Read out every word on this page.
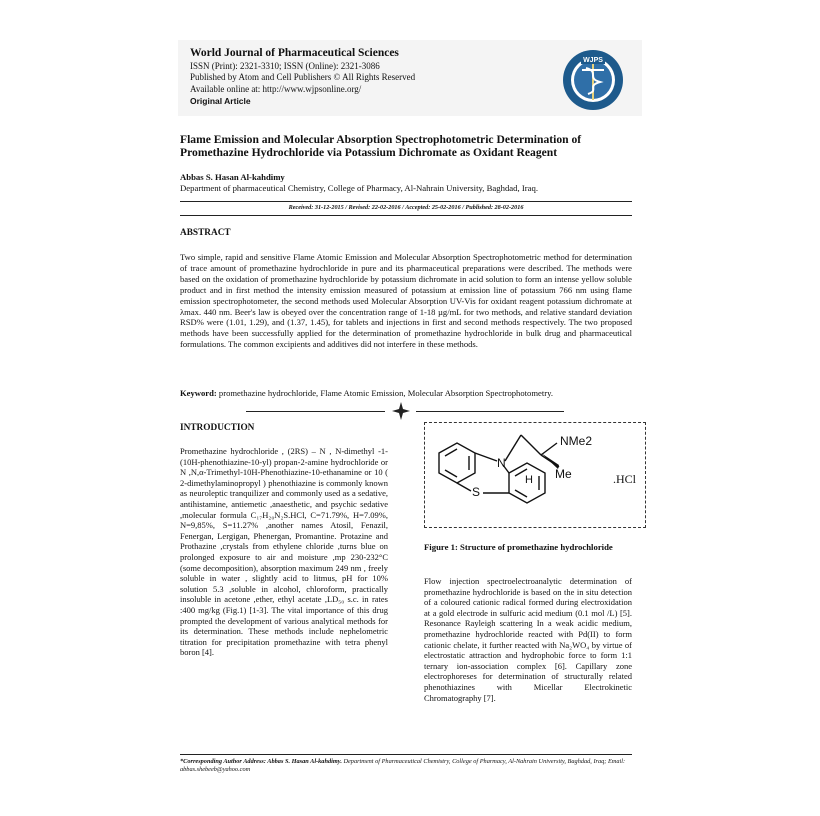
World Journal of Pharmaceutical Sciences
ISSN (Print): 2321-3310; ISSN (Online): 2321-3086
Published by Atom and Cell Publishers © All Rights Reserved
Available online at: http://www.wjpsonline.org/
Original Article
WJPS
Flame Emission and Molecular Absorption Spectrophotometric Determination of
Promethazine Hydrochloride via Potassium Dichromate as Oxidant Reagent
Abbas S. Hasan Al-kahdimy
Department of pharmaceutical Chemistry, College of Pharmacy, Al-Nahrain University, Baghdad, Iraq.
Received: 31-12-2015 / Revised: 22-02-2016 / Accepted: 25-02-2016 / Published: 28-02-2016
ABSTRACT
Two simple, rapid and sensitive Flame Atomic Emission and Molecular Absorption Spectrophotometric method for determination of trace amount of promethazine hydrochloride in pure and its pharmaceutical preparations were described. The methods were based on the oxidation of promethazine hydrochloride by potassium dichromate in acid solution to form an intense yellow soluble product and in first method the intensity emission measured of potassium at emission line of potassium 766 nm using flame emission spectrophotometer, the second methods used Molecular Absorption UV-Vis for oxidant reagent potassium dichromate at λmax. 440 nm. Beer's law is obeyed over the concentration range of 1-18 µg/mL for two methods, and relative standard deviation RSD% were (1.01, 1.29), and (1.37, 1.45), for tablets and injections in first and second methods respectively. The two proposed methods have been successfully applied for the determination of promethazine hydrochloride in bulk drug and pharmaceutical formulations. The common excipients and additives did not interfere in these methods.
Keyword: promethazine hydrochloride, Flame Atomic Emission, Molecular Absorption Spectrophotometry.
INTRODUCTION
Promethazine hydrochloride , (2RS) – N , N-dimethyl -1- (10H-phenothiazine-10-yl) propan-2-amine hydrochloride or N ,N,α-Trimethyl-10H-Phenothiazine-10-ethanamine or 10 ( 2-dimethylaminopropyl ) phenothiazine is commonly known as neuroleptic tranquilizer and commonly used as a sedative, antihistamine, antiemetic ,anaesthetic, and psychic sedative ,molecular formula C₁₇H₂₀N₂S.HCl, C=71.79%, H=7.09%, N=9,85%, S=11.27% ,another names Atosil, Fenazil, Fenergan, Lergigan, Phenergan, Promantine. Protazine and Prothazine ,crystals from ethylene chloride ,turns blue on prolonged exposure to air and moisture ,mp 230-232°C (some decomposition), absorption maximum 249 nm , freely soluble in water , slightly acid to litmus, pH for 10% solution 5.3 ,soluble in alcohol, chloroform, practically insoluble in acetone ,ether, ethyl acetate ,LD₅₀ s.c. in rates :400 mg/kg (Fig.1) [1-3]. The vital importance of this drug prompted the development of various analytical methods for its determination. These methods include nephelometric titration for precipitation promethazine with tetra phenyl boron [4].
NMe2
N
Me
H
S
.HCl
Figure 1: Structure of promethazine hydrochloride
Flow injection spectroelectroanalytic determination of promethazine hydrochloride is based on the in situ detection of a coloured cationic radical formed during electroxidation at a gold electrode in sulfuric acid medium (0.1 mol /L) [5]. Resonance Rayleigh scattering In a weak acidic medium, promethazine hydrochloride reacted with Pd(II) to form cationic chelate, it further reacted with Na₂WO₄ by virtue of electrostatic attraction and hydrophobic force to form 1:1 ternary ion-association complex [6]. Capillary zone electrophoreses for determination of structurally related phenothiazines with Micellar Electrokinetic Chromatography [7].
*Corresponding Author Address: Abbas S. Hasan Al-kahdimy. Department of Pharmaceutical Chemistry, College of Pharmacy, Al-Nahrain University, Baghdad, Iraq; Email: abbas.shebeeb@yahoo.com
